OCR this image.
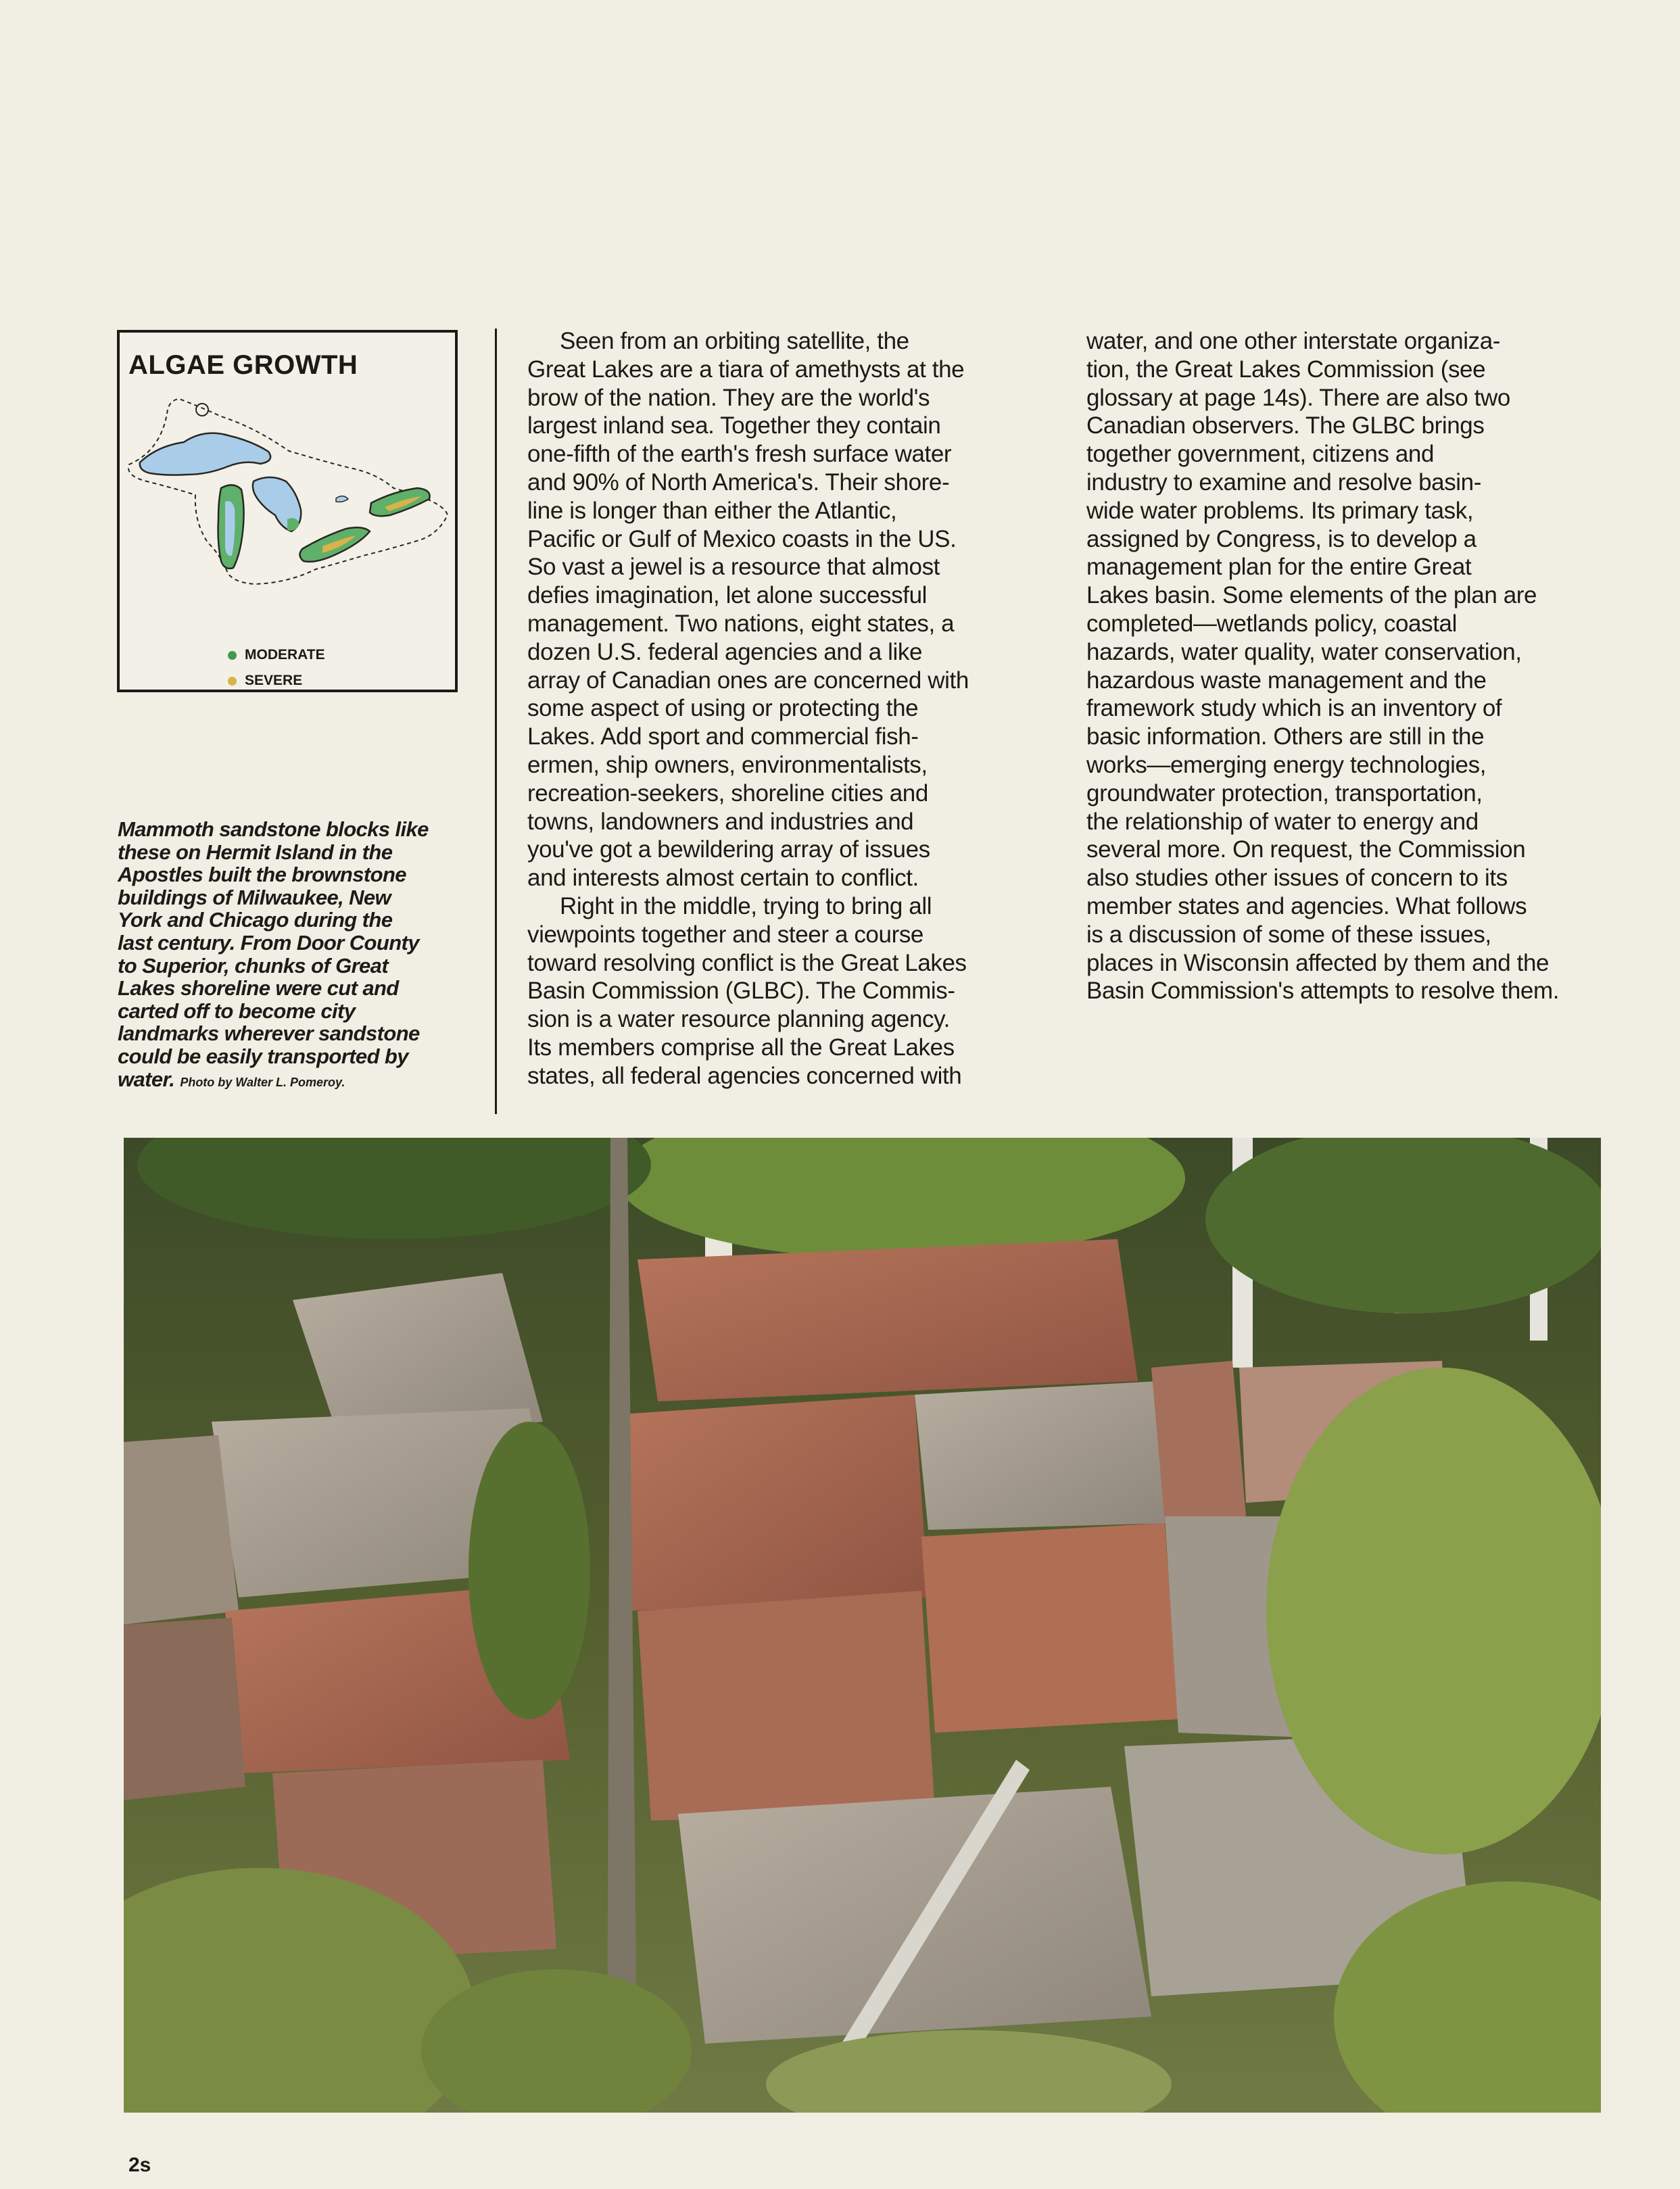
ALGAE GROWTH
MODERATE
SEVERE
Mammoth sandstone blocks like
these on Hermit Island in the
Apostles built the brownstone
buildings of Milwaukee, New
York and Chicago during the
last century. From Door County
to Superior, chunks of Great
Lakes shoreline were cut and
carted off to become city
landmarks wherever sandstone
could be easily transported by
water. Photo by Walter L. Pomeroy.
Seen from an orbiting satellite, the
Great Lakes are a tiara of amethysts at the
brow of the nation. They are the world's
largest inland sea. Together they contain
one-fifth of the earth's fresh surface water
and 90% of North America's. Their shore-
line is longer than either the Atlantic,
Pacific or Gulf of Mexico coasts in the US.
So vast a jewel is a resource that almost
defies imagination, let alone successful
management. Two nations, eight states, a
dozen U.S. federal agencies and a like
array of Canadian ones are concerned with
some aspect of using or protecting the
Lakes. Add sport and commercial fish-
ermen, ship owners, environmentalists,
recreation-seekers, shoreline cities and
towns, landowners and industries and
you've got a bewildering array of issues
and interests almost certain to conflict.
Right in the middle, trying to bring all
viewpoints together and steer a course
toward resolving conflict is the Great Lakes
Basin Commission (GLBC). The Commis-
sion is a water resource planning agency.
Its members comprise all the Great Lakes
states, all federal agencies concerned with
water, and one other interstate organiza-
tion, the Great Lakes Commission (see
glossary at page 14s). There are also two
Canadian observers. The GLBC brings
together government, citizens and
industry to examine and resolve basin-
wide water problems. Its primary task,
assigned by Congress, is to develop a
management plan for the entire Great
Lakes basin. Some elements of the plan are
completed—wetlands policy, coastal
hazards, water quality, water conservation,
hazardous waste management and the
framework study which is an inventory of
basic information. Others are still in the
works—emerging energy technologies,
groundwater protection, transportation,
the relationship of water to energy and
several more. On request, the Commission
also studies other issues of concern to its
member states and agencies. What follows
is a discussion of some of these issues,
places in Wisconsin affected by them and the
Basin Commission's attempts to resolve them.
2s
